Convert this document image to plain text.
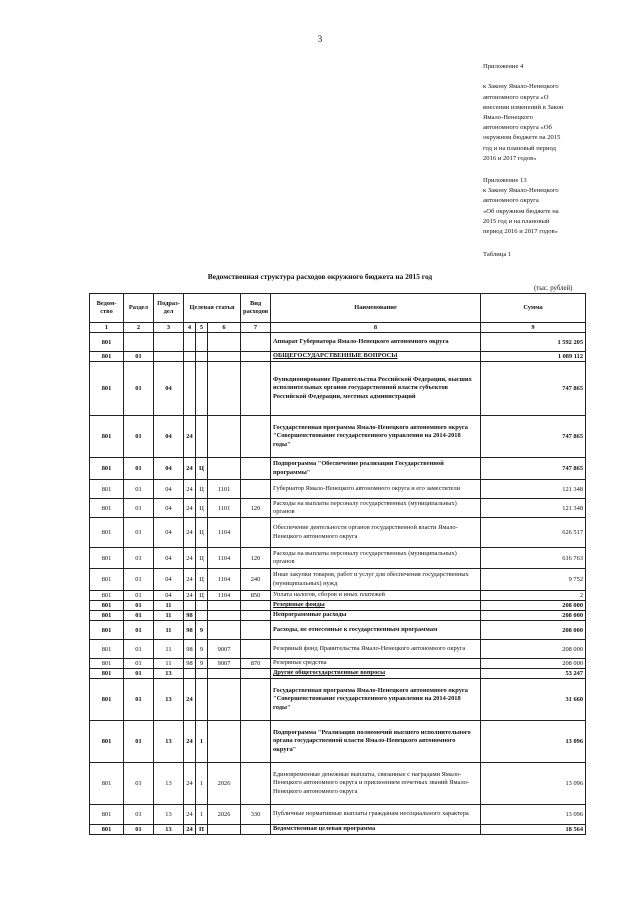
3
Приложение 4

к Закону Ямало-Ненецкого
автономного округа «О
внесении изменений в Закон
Ямало-Ненецкого
автономного округа «Об
окружном бюджете на 2015
год и на плановый период
2016 и 2017 годов»
Приложение 13
к Закону Ямало-Ненецкого
автономного округа
«Об окружном бюджете на
2015 год и на плановый
период 2016 и 2017 годов»
Таблица 1
Ведомственная структура расходов окружного бюджета на 2015 год
(тыс. рублей)
Ведом-ство	Раздел	Подраз-дел	Целевая статья			Вид расходов	Наименование	Сумма
1	2	3	4	5	6	7	8	9
801							Аппарат Губернатора Ямало-Ненецкого автономного округа	1 592 205
801	01						ОБЩЕГОСУДАРСТВЕННЫЕ ВОПРОСЫ	1 089 112
801	01	04					Функционирование Правительства Российской Федерации, высших исполнительных органов государственной власти субъектов Российской Федерации, местных администраций	747 865
801	01	04	24				Государственная программа Ямало-Ненецкого автономного округа "Совершенствование государственного управления на 2014-2018 годы"	747 865
801	01	04	24	Ц			Подпрограмма "Обеспечение реализации Государственной программы"	747 865
801	01	04	24	Ц	1101		Губернатор Ямало-Ненецкого автономного округа и его заместители	121 348
801	01	04	24	Ц	1101	120	Расходы на выплаты персоналу государственных (муниципальных) органов	121 348
801	01	04	24	Ц	1104		Обеспечение деятельности органов государственной власти Ямало-Ненецкого автономного округа	626 517
801	01	04	24	Ц	1104	120	Расходы на выплаты персоналу государственных (муниципальных) органов	616 763
801	01	04	24	Ц	1104	240	Иные закупки товаров, работ и услуг для обеспечения государственных (муниципальных) нужд	9 752
801	01	04	24	Ц	1104	850	Уплата налогов, сборов и иных платежей	2
801	01	11					Резервные фонды	208 000
801	01	11	98				Непрограммные расходы	208 000
801	01	11	98	9			Расходы, не отнесенные к государственным программам	208 000
801	01	11	98	9	9007		Резервный фонд Правительства Ямало-Ненецкого автономного округа	208 000
801	01	11	98	9	9007	870	Резервные средства	208 000
801	01	13					Другие общегосударственные вопросы	53 247
801	01	13	24				Государственная программа Ямало-Ненецкого автономного округа "Совершенствование государственного управления на 2014-2018 годы"	31 660
801	01	13	24	1			Подпрограмма "Реализация полномочий высшего исполнительного органа государственной власти Ямало-Ненецкого автономного округа"	13 096
801	01	13	24	1	2026		Единовременные денежные выплаты, связанные с наградами Ямало-Ненецкого автономного округа и присвоением почетных званий Ямало-Ненецкого автономного округа	13 096
801	01	13	24	1	2026	330	Публичные нормативные выплаты гражданам несоциального характера	13 096
801	01	13	24	П			Ведомственная целевая программа	18 564
